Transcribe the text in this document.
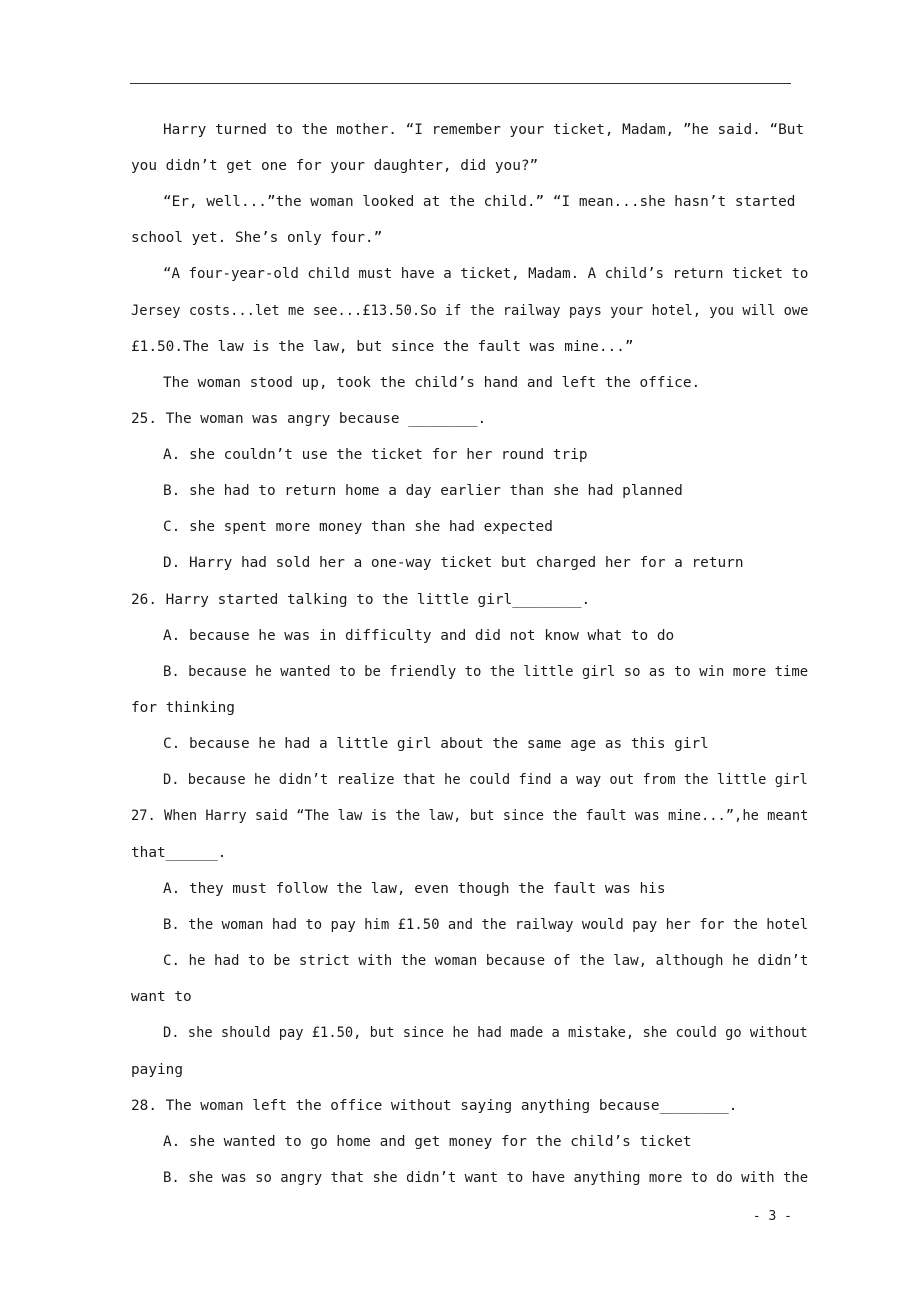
Harry turned to the mother. “I remember your ticket, Madam, ”he said. “But
you didn’t get one for your daughter, did you?”
“Er, well...”the woman looked at the child.” “I mean...she hasn’t started
school yet. She’s only four.”
“A four-year-old child must have a ticket, Madam. A child’s return ticket to
Jersey costs...let me see...£13.50.So if the railway pays your hotel, you will owe
£1.50.The law is the law, but since the fault was mine...”
The woman stood up, took the child’s hand and left the office.
25. The woman was angry because ________.
A. she couldn’t use the ticket for her round trip
B. she had to return home a day earlier than she had planned
C. she spent more money than she had expected
D. Harry had sold her a one-way ticket but charged her for a return
26. Harry started talking to the little girl________.
A. because he was in difficulty and did not know what to do
B. because he wanted to be friendly to the little girl so as to win more time
for thinking
C. because he had a little girl about the same age as this girl
D. because he didn’t realize that he could find a way out from the little girl
27. When Harry said “The law is the law, but since the fault was mine...”,he meant
that______.
A. they must follow the law, even though the fault was his
B. the woman had to pay him £1.50 and the railway would pay her for the hotel
C. he had to be strict with the woman because of the law, although he didn’t
want to
D. she should pay £1.50, but since he had made a mistake, she could go without
paying
28. The woman left the office without saying anything because________.
A. she wanted to go home and get money for the child’s ticket
B. she was so angry that she didn’t want to have anything more to do with the
- 3 -
